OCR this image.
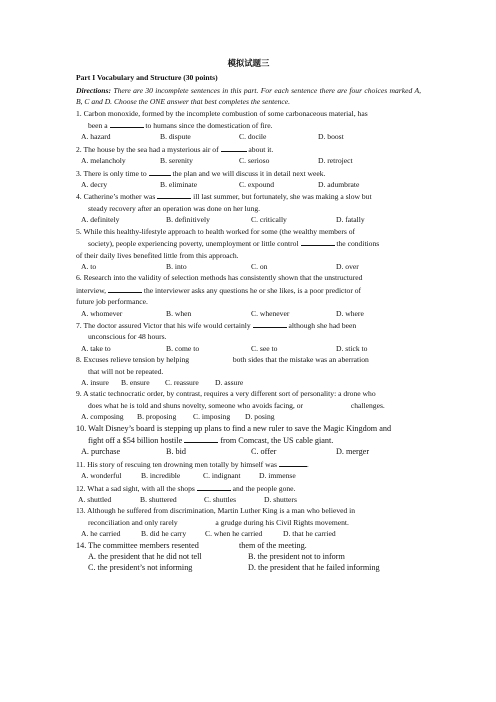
模拟试题三
Part I Vocabulary and Structure (30 points)
Directions: There are 30 incomplete sentences in this part. For each sentence there are four choices marked A, B, C and D. Choose the ONE answer that best completes the sentence.
1. Carbon monoxide, formed by the incomplete combustion of some carbonaceous material, has
been a	to humans since the domestication of fire.
A. hazard	B. dispute	C. docile	D. boost
2. The house by the sea had a mysterious air of	about it.
A. melancholy	B. serenity	C. serioso	D. retroject
3. There is only time to	the plan and we will discuss it in detail next week.
A. decry	B. eliminate	C. expound	D. adumbrate
4. Catherine’s mother was	ill last summer, but fortunately, she was making a slow but
steady recovery after an operation was done on her lung.
A. definitely	B. definitively	C. critically	D. fatally
5. While this healthy-lifestyle approach to health worked for some (the wealthy members of
society), people experiencing poverty, unemployment or little control	the conditions
of their daily lives benefited little from this approach.
A. to	B. into	C. on	D. over
6. Research into the validity of selection methods has consistently shown that the unstructured
interview,	the interviewer asks any questions he or she likes, is a poor predictor of
future job performance.
A. whomever	B. when	C. whenever	D. where
7. The doctor assured Victor that his wife would certainly	although she had been
unconscious for 48 hours.
A. take to	B. come to	C. see to	D. stick to
8. Excuses relieve tension by helping	both sides that the mistake was an aberration
that will not be repeated.
A. insure	B. ensure	C. reassure	D. assure
9. A static technocratic order, by contrast, requires a very different sort of personality: a drone who
does what he is told and shuns novelty, someone who avoids facing, or	challenges.
A. composing	B. proposing	C. imposing	D. posing
10. Walt Disney’s board is stepping up plans to find a new ruler to save the Magic Kingdom and
fight off a $54 billion hostile	from Comcast, the US cable giant.
A. purchase	B. bid	C. offer	D. merger
11. His story of rescuing ten drowning men totally by himself was	.
A. wonderful	B. incredible	C. indignant	D. immense
12. What a sad sight, with all the shops	and the people gone.
A. shuttled	B. shuttered	C. shuttles	D. shutters
13. Although he suffered from discrimination, Martin Luther King is a man who believed in
reconciliation and only rarely	a grudge during his Civil Rights movement.
A. he carried	B. did he carry	C. when he carried	D. that he carried
14. The committee members resented	them of the meeting.
A. the president that he did not tell	B. the president not to inform
C. the president’s not informing	D. the president that he failed informing
